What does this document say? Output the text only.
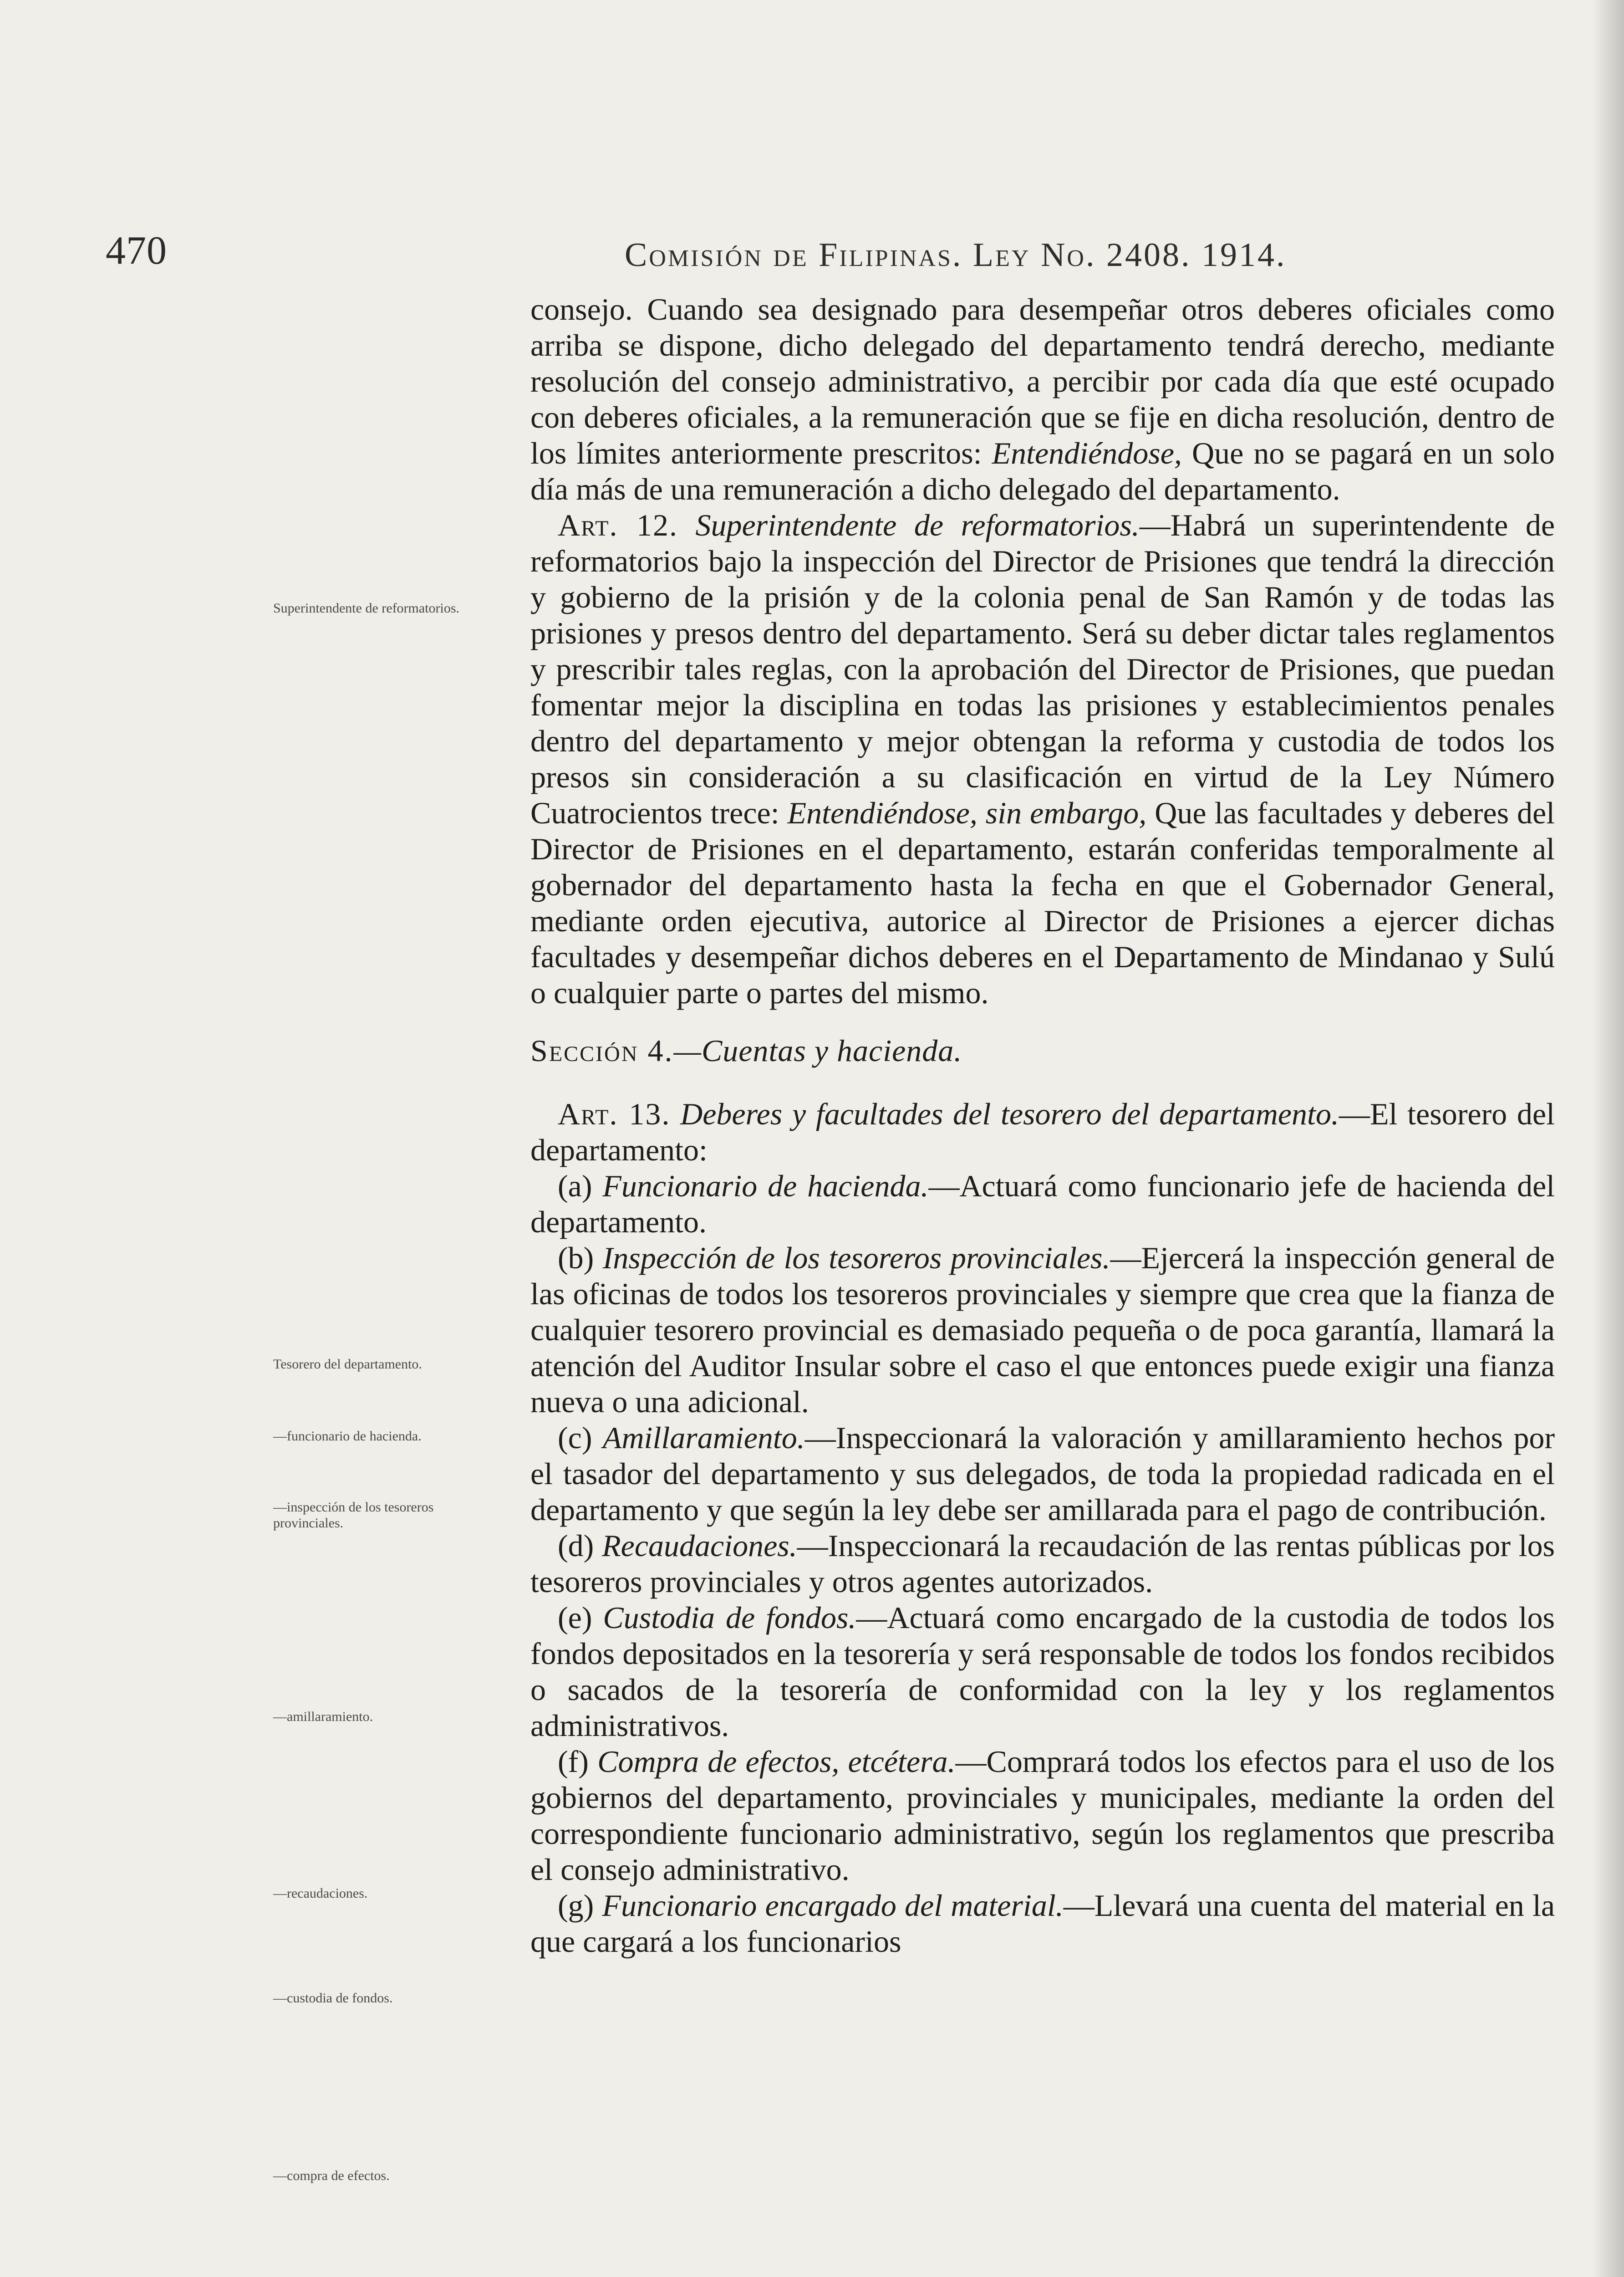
470	Comisión de Filipinas. Ley No. 2408. 1914.
Superintendente de reformatorios.
Tesorero del departamento.
—funcionario de hacienda.
—inspección de los tesoreros provinciales.
—amillaramiento.
—recaudaciones.
—custodia de fondos.
—compra de efectos.

consejo. Cuando sea designado para desempeñar otros deberes oficiales como arriba se dispone, dicho delegado del departamento tendrá derecho, mediante resolución del consejo administrativo, a percibir por cada día que esté ocupado con deberes oficiales, a la remuneración que se fije en dicha resolución, dentro de los límites anteriormente prescritos: Entendiéndose, Que no se pagará en un solo día más de una remuneración a dicho delegado del departamento.

Art. 12. Superintendente de reformatorios.—Habrá un superintendente de reformatorios bajo la inspección del Director de Prisiones que tendrá la dirección y gobierno de la prisión y de la colonia penal de San Ramón y de todas las prisiones y presos dentro del departamento. Será su deber dictar tales reglamentos y prescribir tales reglas, con la aprobación del Director de Prisiones, que puedan fomentar mejor la disciplina en todas las prisiones y establecimientos penales dentro del departamento y mejor obtengan la reforma y custodia de todos los presos sin consideración a su clasificación en virtud de la Ley Número Cuatrocientos trece: Entendiéndose, sin embargo, Que las facultades y deberes del Director de Prisiones en el departamento, estarán conferidas temporalmente al gobernador del departamento hasta la fecha en que el Gobernador General, mediante orden ejecutiva, autorice al Director de Prisiones a ejercer dichas facultades y desempeñar dichos deberes en el Departamento de Mindanao y Sulú o cualquier parte o partes del mismo.

Sección 4.—Cuentas y hacienda.

Art. 13. Deberes y facultades del tesorero del departamento.—El tesorero del departamento:

(a) Funcionario de hacienda.—Actuará como funcionario jefe de hacienda del departamento.

(b) Inspección de los tesoreros provinciales.—Ejercerá la inspección general de las oficinas de todos los tesoreros provinciales y siempre que crea que la fianza de cualquier tesorero provincial es demasiado pequeña o de poca garantía, llamará la atención del Auditor Insular sobre el caso el que entonces puede exigir una fianza nueva o una adicional.

(c) Amillaramiento.—Inspeccionará la valoración y amillaramiento hechos por el tasador del departamento y sus delegados, de toda la propiedad radicada en el departamento y que según la ley debe ser amillarada para el pago de contribución.

(d) Recaudaciones.—Inspeccionará la recaudación de las rentas públicas por los tesoreros provinciales y otros agentes autorizados.

(e) Custodia de fondos.—Actuará como encargado de la custodia de todos los fondos depositados en la tesorería y será responsable de todos los fondos recibidos o sacados de la tesorería de conformidad con la ley y los reglamentos administrativos.

(f) Compra de efectos, etcétera.—Comprará todos los efectos para el uso de los gobiernos del departamento, provinciales y municipales, mediante la orden del correspondiente funcionario administrativo, según los reglamentos que prescriba el consejo administrativo.

(g) Funcionario encargado del material.—Llevará una cuenta del material en la que cargará a los funcionarios
